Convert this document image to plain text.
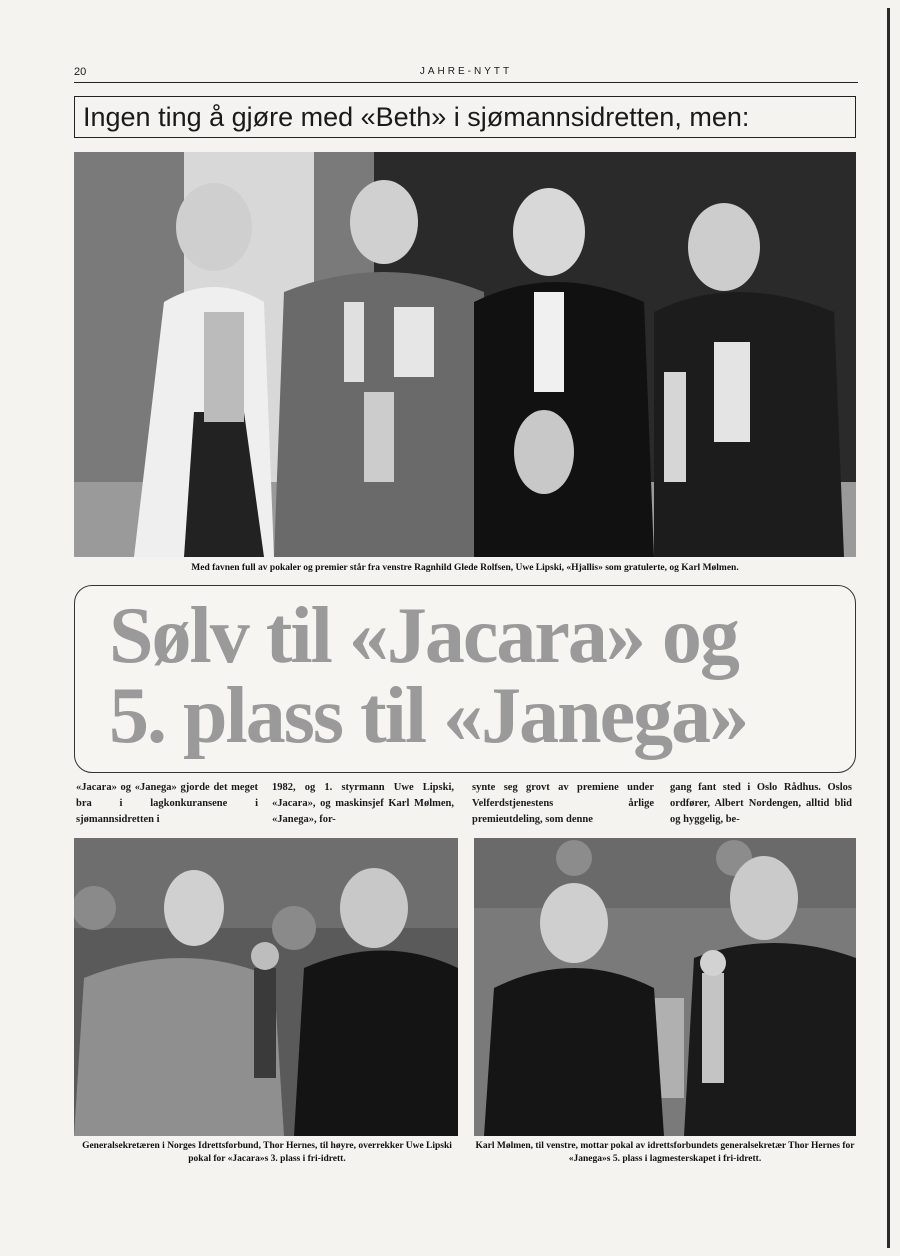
20	JAHRE-NYTT
Ingen ting å gjøre med «Beth» i sjømannsidretten, men:
Med favnen full av pokaler og premier står fra venstre Ragnhild Glede Rolfsen, Uwe Lipski, «Hjallis» som gratulerte, og Karl Mølmen.
Sølv til «Jacara» og
5. plass til «Janega»
«Jacara» og «Janega» gjorde det meget bra i lagkonkuransene i sjømannsidretten i
1982, og 1. styrmann Uwe Lipski, «Jacara», og maskinsjef Karl Mølmen, «Janega», for-
synte seg grovt av premiene under Velferdstjenestens årlige premieutdeling, som denne
gang fant sted i Oslo Rådhus. Oslos ordfører, Albert Nordengen, alltid blid og hyggelig, be-
Generalsekretæren i Norges Idrettsforbund, Thor Hernes, til høyre, overrekker Uwe Lipski pokal for «Jacara»s 3. plass i fri-idrett.
Karl Mølmen, til venstre, mottar pokal av idrettsforbundets generalsekretær Thor Hernes for «Janega»s 5. plass i lagmesterskapet i fri-idrett.
